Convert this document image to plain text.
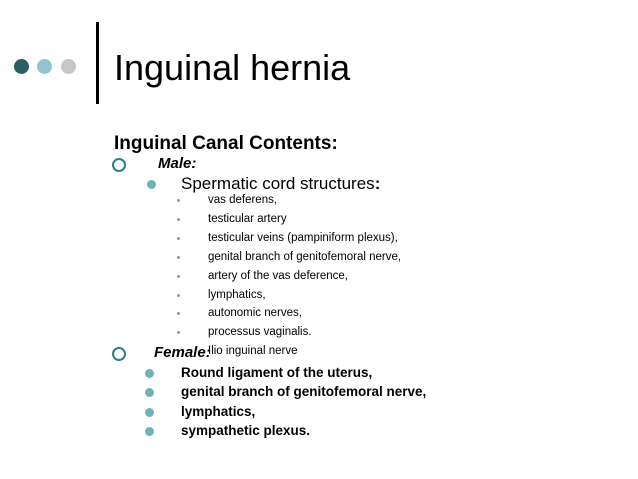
Inguinal hernia
Inguinal Canal Contents:
Male:
Spermatic cord structures:
vas deferens,
testicular artery
testicular veins (pampiniform plexus),
genital branch of genitofemoral nerve,
artery of the vas deference,
lymphatics,
autonomic nerves,
processus vaginalis.
Ilio inguinal nerve
Female:
Round ligament of the uterus,
genital branch of genitofemoral nerve,
lymphatics,
sympathetic plexus.
